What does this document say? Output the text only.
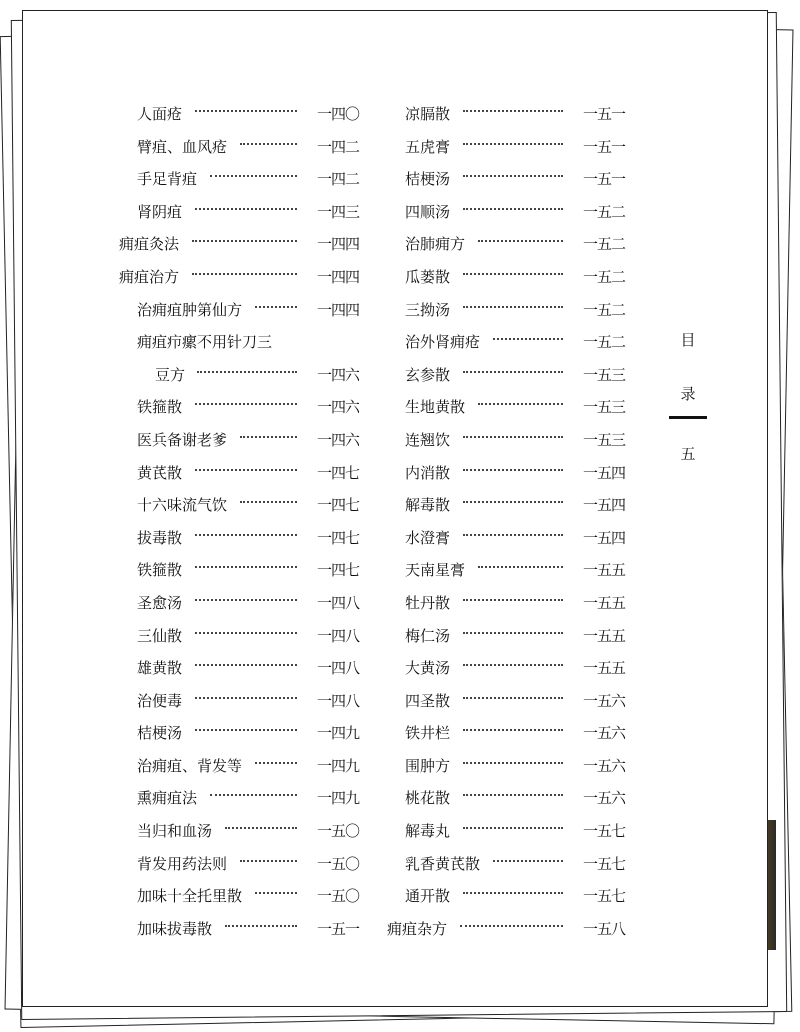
人面疮	一四〇
臂疽、血风疮	一四二
手足背疽	一四二
肾阴疽	一四三
痈疽灸法	一四四
痈疽治方	一四四
治痈疽肿第仙方	一四四
痈疽疖瘰不用针刀三
豆方	一四六
铁箍散	一四六
医兵备谢老爹	一四六
黄芪散	一四七
十六味流气饮	一四七
拔毒散	一四七
铁箍散	一四七
圣愈汤	一四八
三仙散	一四八
雄黄散	一四八
治便毒	一四八
桔梗汤	一四九
治痈疽、背发等	一四九
熏痈疽法	一四九
当归和血汤	一五〇
背发用药法则	一五〇
加味十全托里散	一五〇
加味拔毒散	一五一
凉膈散	一五一
五虎膏	一五一
桔梗汤	一五一
四顺汤	一五二
治肺痈方	一五二
瓜蒌散	一五二
三拗汤	一五二
治外肾痈疮	一五二
玄参散	一五三
生地黄散	一五三
连翘饮	一五三
内消散	一五四
解毒散	一五四
水澄膏	一五四
天南星膏	一五五
牡丹散	一五五
梅仁汤	一五五
大黄汤	一五五
四圣散	一五六
铁井栏	一五六
围肿方	一五六
桃花散	一五六
解毒丸	一五七
乳香黄芪散	一五七
通开散	一五七
痈疽杂方	一五八
目
录
五
